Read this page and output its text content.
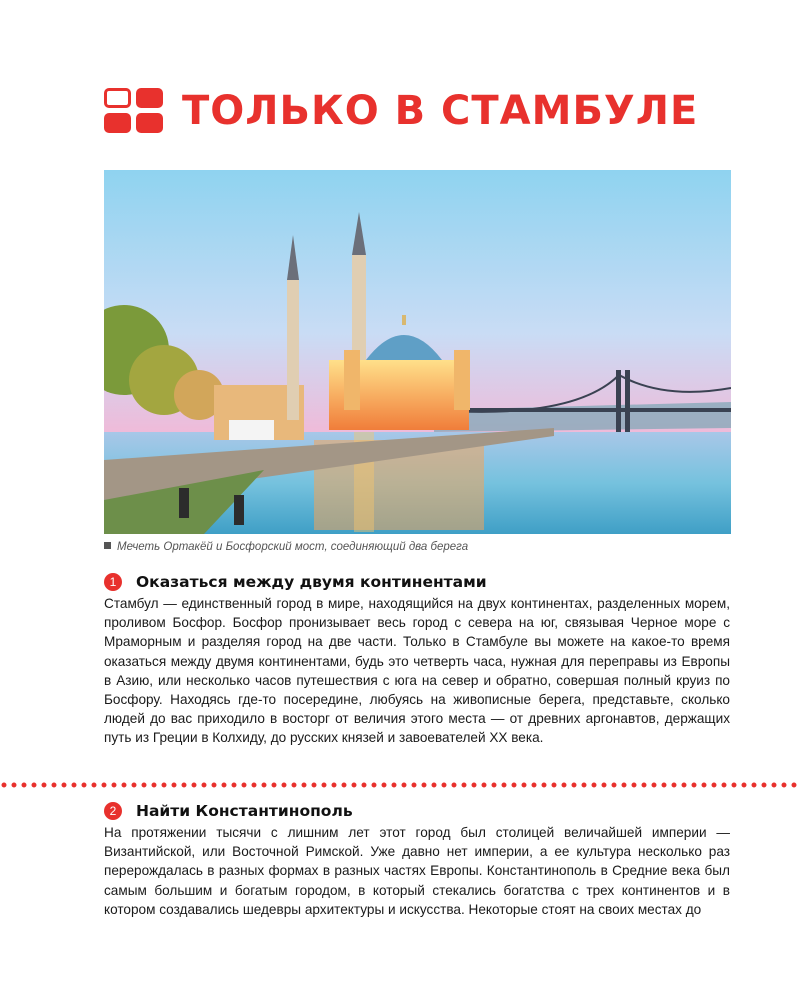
ТОЛЬКО В СТАМБУЛЕ
Мечеть Ортакёй и Босфорский мост, соединяющий два берега
1	Оказаться между двумя континентами
Стамбул — единственный город в мире, находящийся на двух континентах, разделенных морем, проливом Босфор. Босфор пронизывает весь город с севера на юг, связывая Черное море с Мраморным и разделяя город на две части. Только в Стамбуле вы можете на какое-то время оказаться между двумя континентами, будь это четверть часа, нужная для переправы из Европы в Азию, или несколько часов путешествия с юга на север и обратно, совершая полный круиз по Босфору. Находясь где-то посередине, любуясь на живописные берега, представьте, сколько людей до вас приходило в восторг от величия этого места — от древних аргонавтов, держащих путь из Греции в Колхиду, до русских князей и завоевателей XX века.
2	Найти Константинополь
На протяжении тысячи с лишним лет этот город был столицей величайшей империи — Византийской, или Восточной Римской. Уже давно нет империи, а ее культура несколько раз перерождалась в разных формах в разных частях Европы. Константинополь в Средние века был самым большим и богатым городом, в который стекались богатства с трех континентов и в котором создавались шедевры архитектуры и искусства. Некоторые стоят на своих местах до
